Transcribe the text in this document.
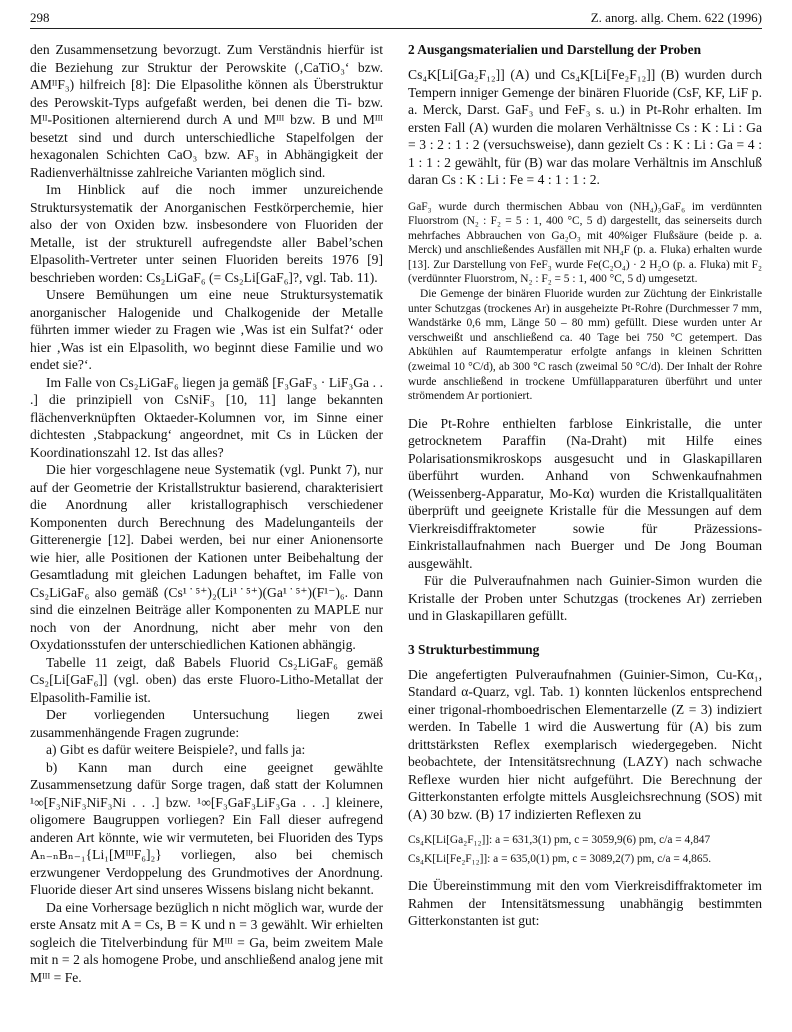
298	Z. anorg. allg. Chem. 622 (1996)

den Zusammensetzung bevorzugt. Zum Verständnis hierfür ist die Beziehung zur Struktur der Perowskite (‚CaTiO₃‘ bzw. AMᴵᴵF₃) hilfreich [8]: Die Elpasolithe können als Überstruktur des Perowskit-Typs aufgefaßt werden, bei denen die Ti- bzw. Mᴵᴵ-Positionen alternierend durch A und Mᴵᴵᴵ bzw. B und Mᴵᴵᴵ besetzt sind und durch unterschiedliche Stapelfolgen der hexagonalen Schichten CaO₃ bzw. AF₃ in Abhängigkeit der Radienverhältnisse zahlreiche Varianten möglich sind.

Im Hinblick auf die noch immer unzureichende Struktursystematik der Anorganischen Festkörperchemie, hier also der von Oxiden bzw. insbesondere von Fluoriden der Metalle, ist der strukturell aufregendste aller Babel’schen Elpasolith-Vertreter unter seinen Fluoriden bereits 1976 [9] beschrieben worden: Cs₂LiGaF₆ (= Cs₂Li[GaF₆]?, vgl. Tab. 11).

Unsere Bemühungen um eine neue Struktursystematik anorganischer Halogenide und Chalkogenide der Metalle führten immer wieder zu Fragen wie ‚Was ist ein Sulfat?‘ oder hier ‚Was ist ein Elpasolith, wo beginnt diese Familie und wo endet sie?‘.

Im Falle von Cs₂LiGaF₆ liegen ja gemäß [F₃GaF₃ · LiF₃Ga . . .] die prinzipiell von CsNiF₃ [10, 11] lange bekannten flächenverknüpften Oktaeder-Kolumnen vor, im Sinne einer dichtesten ‚Stabpackung‘ angeordnet, mit Cs in Lücken der Koordinationszahl 12. Ist das alles?

Die hier vorgeschlagene neue Systematik (vgl. Punkt 7), nur auf der Geometrie der Kristallstruktur basierend, charakterisiert die Anordnung aller kristallographisch verschiedener Komponenten durch Berechnung des Madelunganteils der Gitterenergie [12]. Dabei werden, bei nur einer Anionensorte wie hier, alle Positionen der Kationen unter Beibehaltung der Gesamtladung mit gleichen Ladungen behaftet, im Falle von Cs₂LiGaF₆ also gemäß (Cs¹˙⁵⁺)₂(Li¹˙⁵⁺)(Ga¹˙⁵⁺)(F¹⁻)₆. Dann sind die einzelnen Beiträge aller Komponenten zu MAPLE nur noch von der Anordnung, nicht aber mehr von den Oxydationsstufen der unterschiedlichen Kationen abhängig.

Tabelle 11 zeigt, daß Babels Fluorid Cs₂LiGaF₆ gemäß Cs₂[Li[GaF₆]] (vgl. oben) das erste Fluoro-Litho-Metallat der Elpasolith-Familie ist.

Der vorliegenden Untersuchung liegen zwei zusammenhängende Fragen zugrunde:

a) Gibt es dafür weitere Beispiele?, und falls ja:

b) Kann man durch eine geeignet gewählte Zusammensetzung dafür Sorge tragen, daß statt der Kolumnen ¹∞[F₃NiF₃NiF₃Ni . . .] bzw. ¹∞[F₃GaF₃LiF₃Ga . . .] kleinere, oligomere Baugruppen vorliegen? Ein Fall dieser aufregend anderen Art könnte, wie wir vermuteten, bei Fluoriden des Typs Aₙ₋ₙBₙ₋₁{Li₁[MᴵᴵᴵF₆]₂} vorliegen, also bei chemisch erzwungener Verdoppelung des Grundmotives der Anordnung. Fluoride dieser Art sind unseres Wissens bislang nicht bekannt.

Da eine Vorhersage bezüglich n nicht möglich war, wurde der erste Ansatz mit A = Cs, B = K und n = 3 gewählt. Wir erhielten sogleich die Titelverbindung für Mᴵᴵᴵ = Ga, beim zweitem Male mit n = 2 als homogene Probe, und anschließend analog jene mit Mᴵᴵᴵ = Fe.

2 Ausgangsmaterialien und Darstellung der Proben

Cs₄K[Li[Ga₂F₁₂]] (A) und Cs₄K[Li[Fe₂F₁₂]] (B) wurden durch Tempern inniger Gemenge der binären Fluoride (CsF, KF, LiF p. a. Merck, Darst. GaF₃ und FeF₃ s. u.) in Pt-Rohr erhalten. Im ersten Fall (A) wurden die molaren Verhältnisse Cs : K : Li : Ga = 3 : 2 : 1 : 2 (versuchsweise), dann gezielt Cs : K : Li : Ga = 4 : 1 : 1 : 2 gewählt, für (B) war das molare Verhältnis im Anschluß daran Cs : K : Li : Fe = 4 : 1 : 1 : 2.

GaF₃ wurde durch thermischen Abbau von (NH₄)₃GaF₆ im verdünnten Fluorstrom (N₂ : F₂ = 5 : 1, 400 °C, 5 d) dargestellt, das seinerseits durch mehrfaches Abbrauchen von Ga₂O₃ mit 40%iger Flußsäure (beide p. a. Merck) und anschließendes Ausfällen mit NH₄F (p. a. Fluka) erhalten wurde [13]. Zur Darstellung von FeF₃ wurde Fe(C₂O₄) · 2 H₂O (p. a. Fluka) mit F₂ (verdünnter Fluorstrom, N₂ : F₂ = 5 : 1, 400 °C, 5 d) umgesetzt.

Die Gemenge der binären Fluoride wurden zur Züchtung der Einkristalle unter Schutzgas (trockenes Ar) in ausgeheizte Pt-Rohre (Durchmesser 7 mm, Wandstärke 0,6 mm, Länge 50 – 80 mm) gefüllt. Diese wurden unter Ar verschweißt und anschließend ca. 40 Tage bei 750 °C getempert. Das Abkühlen auf Raumtemperatur erfolgte anfangs in kleinen Schritten (zweimal 10 °C/d), ab 300 °C rasch (zweimal 50 °C/d). Der Inhalt der Rohre wurde anschließend in trockene Umfüllapparaturen überführt und unter strömendem Ar portioniert.

Die Pt-Rohre enthielten farblose Einkristalle, die unter getrocknetem Paraffin (Na-Draht) mit Hilfe eines Polarisationsmikroskops ausgesucht und in Glaskapillaren überführt wurden. Anhand von Schwenkaufnahmen (Weissenberg-Apparatur, Mo-Kα) wurden die Kristallqualitäten überprüft und geeignete Kristalle für die Messungen auf dem Vierkreisdiffraktometer sowie für Präzessions-Einkristallaufnahmen nach Buerger und De Jong Bouman ausgewählt.

Für die Pulveraufnahmen nach Guinier-Simon wurden die Kristalle der Proben unter Schutzgas (trockenes Ar) zerrieben und in Glaskapillaren gefüllt.

3 Strukturbestimmung

Die angefertigten Pulveraufnahmen (Guinier-Simon, Cu-Kα₁, Standard α-Quarz, vgl. Tab. 1) konnten lückenlos entsprechend einer trigonal-rhomboedrischen Elementarzelle (Z = 3) indiziert werden. In Tabelle 1 wird die Auswertung für (A) bis zum drittstärksten Reflex exemplarisch wiedergegeben. Nicht beobachtete, der Intensitätsrechnung (LAZY) nach schwache Reflexe wurden hier nicht aufgeführt. Die Berechnung der Gitterkonstanten erfolgte mittels Ausgleichsrechnung (SOS) mit (A) 30 bzw. (B) 17 indizierten Reflexen zu

Cs₄K[Li[Ga₂F₁₂]]: a = 631,3(1) pm, c = 3059,9(6) pm, c/a = 4,847

Cs₄K[Li[Fe₂F₁₂]]: a = 635,0(1) pm, c = 3089,2(7) pm, c/a = 4,865.

Die Übereinstimmung mit den vom Vierkreisdiffraktometer im Rahmen der Intensitätsmessung unabhängig bestimmten Gitterkonstanten ist gut:
